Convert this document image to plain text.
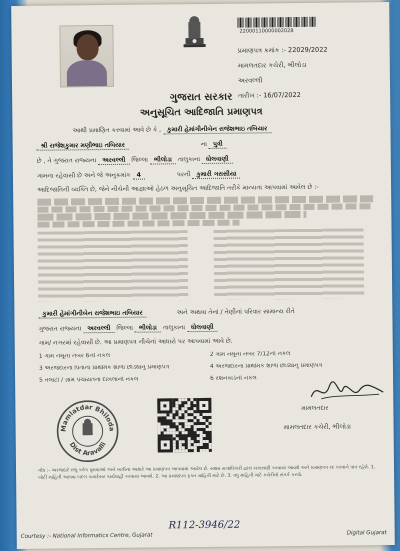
22000110000002028
પ્રમાણપત્ર ક્રમાંક :- 22029/2022
મામલતદાર કચેરી, ભીલોડા
અરવલ્લી
તારીખ :- 16/07/2022
ગુજરાત સરકાર
અનુસૂચિત આદિજાતિ પ્રમાણપત્ર
આથી પ્રમાણિત કરવામાં આવે છે કે , કુમારી હેમાંગીનીબેન રાજેશભાઇ તબિયાર
શ્રી રાજેશકુમાર મણીભાઇ તબિયાર	ના પુત્રી
છે , તે ગુજરાત રાજ્યના અરવલ્લી જિલ્લા ભીલોડા તાલુકાના ધોલવાણી
ગામના રહેવાસી છે અને જે અનુક્રમાંક 4	પરની કુમારી ગરાસીયા
આદિજાતિની વ્યક્તિ છે, જેને નીચેની આજ્ઞાઓ હેઠળ અનુસૂચિત આદિજાતિ તરીકે માન્યતા આપવામાં આવેલ છે :-
કુમારી હેમાંગીનીબેન રાજેશભાઇ તબિયાર	અને અથવા તેનાં / તેણીનાં પરિવાર સામાન્ય રીતે
ગુજરાત રાજ્યના અરવલ્લી જિલ્લા ભીલોડા તાલુકાના ધોલવાણી
ગામ/ નગરમાં રહેવાસી છે. આ પ્રમાણપત્ર નીચેનાં આધારો પર આપવામાં આવે છે.
1 ગામ નમૂના નંબર 6ની નકલ	2 ગામ નમૂના નંબર 7/12ની નકલ
3 અરજદારના પિતાના પ્રાથમિક શાળા છોડ્યાનું પ્રમાણપત્ર	4 અરજદારના પ્રાથમિક શાળા છોડ્યાનું પ્રમાણપત્ર
5 તલાટી / ગ્રામ પંચાયતના દાખલાની નકલ	6 રેશનકાર્ડની નકલ
Mamlatdar Bhiloda
Dist Aravalli
મામલતદાર
મામલતદાર કચેરી, ભીલોડા
નોંધ :- અરજદારે રજુ કરેલ પુરાવાઓ અને ખાત્રીના આધારે આ પ્રમાણપત્ર આપવામાં આવેલ છે. સક્ષમ સત્તાધિકારી દ્વારા ચકાસણી કરવામાં આવશે અને પ્રમાણપત્ર રદ કરવાને પાત્ર રહેશે. 1. ખોટી માહિતી આપવા બદલ કાયદેસર કાર્યવાહી કરવામાં આવશે. 2. આ પ્રમાણપત્ર ફક્ત માહિતી માટે છે. 3. વધુ માહિતી માટે કચેરીનો સંપર્ક કરવો.
R112-3946/22
Courtesy :- National Informatics Centre, Gujarat	Digital Gujarat
